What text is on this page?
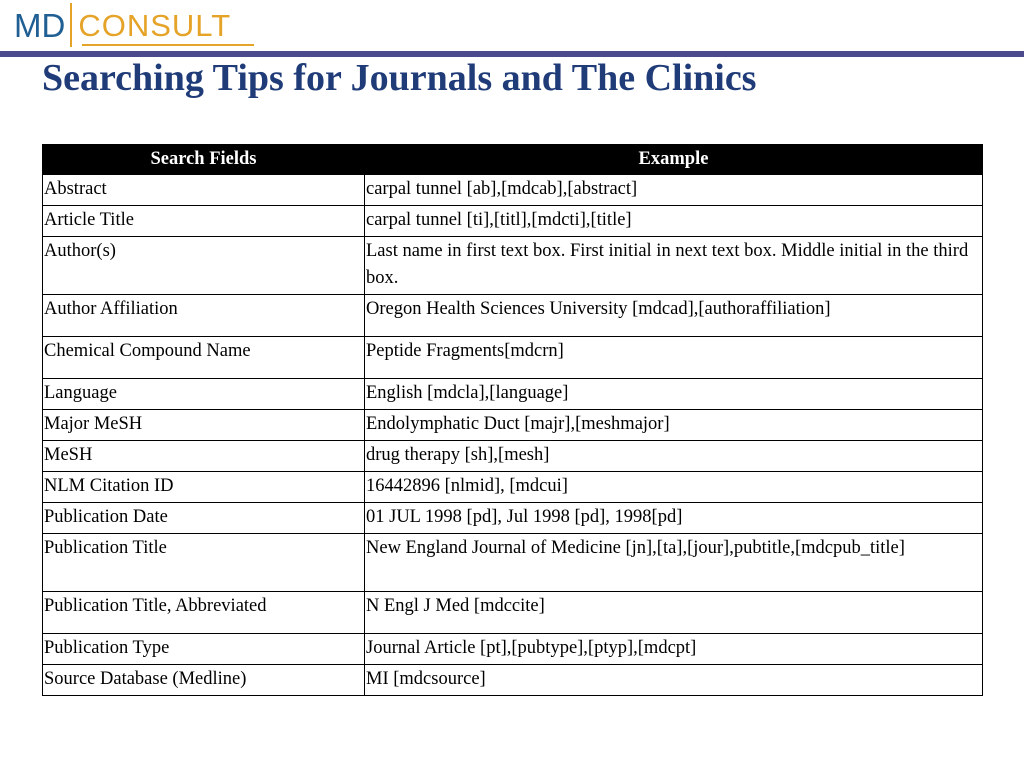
MD CONSULT
Searching Tips for Journals and The Clinics
Search Fields	Example
Abstract	carpal tunnel [ab],[mdcab],[abstract]
Article Title	carpal tunnel [ti],[titl],[mdcti],[title]
Author(s)	Last name in first text box. First initial in next text box. Middle initial in the third box.
Author Affiliation	Oregon Health Sciences University [mdcad],[authoraffiliation]
Chemical Compound Name	Peptide Fragments[mdcrn]
Language	English [mdcla],[language]
Major MeSH	Endolymphatic Duct [majr],[meshmajor]
MeSH	drug therapy [sh],[mesh]
NLM Citation ID	16442896 [nlmid], [mdcui]
Publication Date	01 JUL 1998 [pd], Jul 1998 [pd], 1998[pd]
Publication Title	New England Journal of Medicine [jn],[ta],[jour],pubtitle,[mdcpub_title]
Publication Title, Abbreviated	N Engl J Med [mdccite]
Publication Type	Journal Article [pt],[pubtype],[ptyp],[mdcpt]
Source Database (Medline)	MI [mdcsource]
